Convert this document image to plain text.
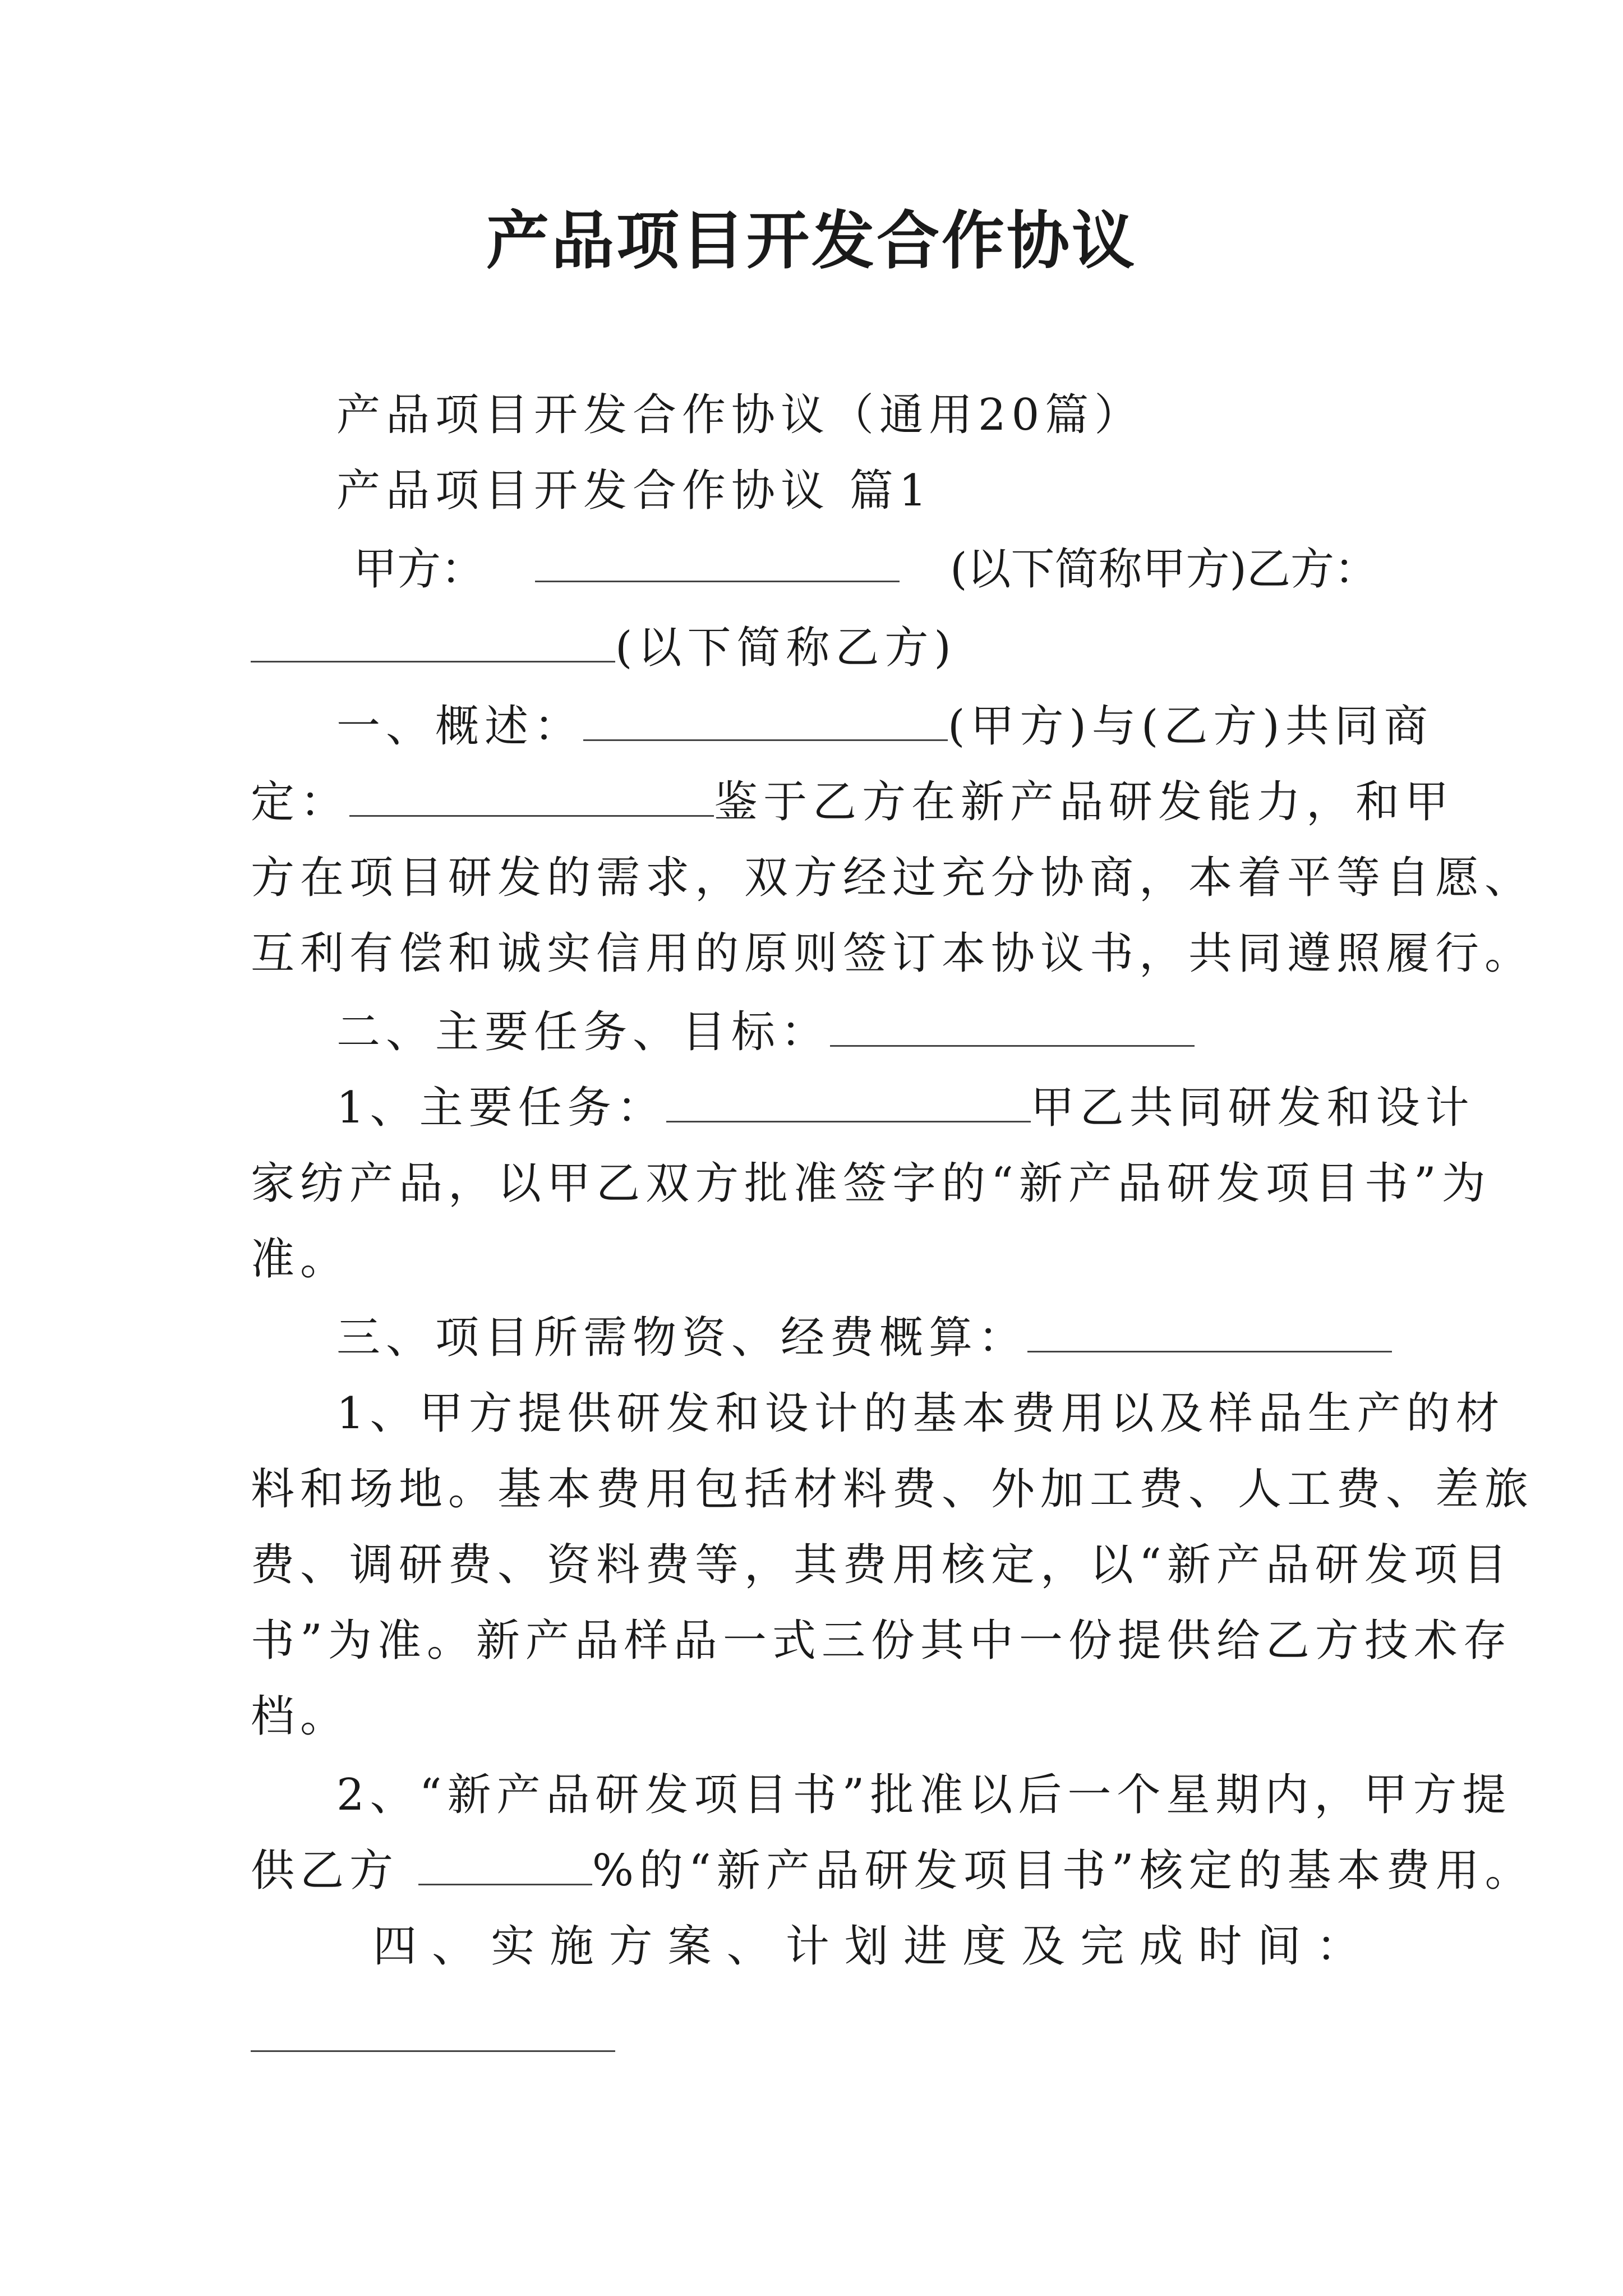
产品项目开发合作协议
产品项目开发合作协议（通用20篇）
产品项目开发合作协议 篇1
甲方：	(以下简称甲方)乙方：
(以下简称乙方)
一、概述：	(甲方)与(乙方)共同商
定：	鉴于乙方在新产品研发能力，和甲
方在项目研发的需求，双方经过充分协商，本着平等自愿、
互利有偿和诚实信用的原则签订本协议书，共同遵照履行。
二、主要任务、目标：
1、主要任务：	甲乙共同研发和设计
家纺产品，以甲乙双方批准签字的“新产品研发项目书”为
准。
三、项目所需物资、经费概算：
1、甲方提供研发和设计的基本费用以及样品生产的材
料和场地。基本费用包括材料费、外加工费、人工费、差旅
费、调研费、资料费等，其费用核定，以“新产品研发项目
书”为准。新产品样品一式三份其中一份提供给乙方技术存
档。
2、“新产品研发项目书”批准以后一个星期内，甲方提
供乙方	%的“新产品研发项目书”核定的基本费用。
四 、 实 施 方 案 、 计 划 进 度 及 完 成 时 间 ：
